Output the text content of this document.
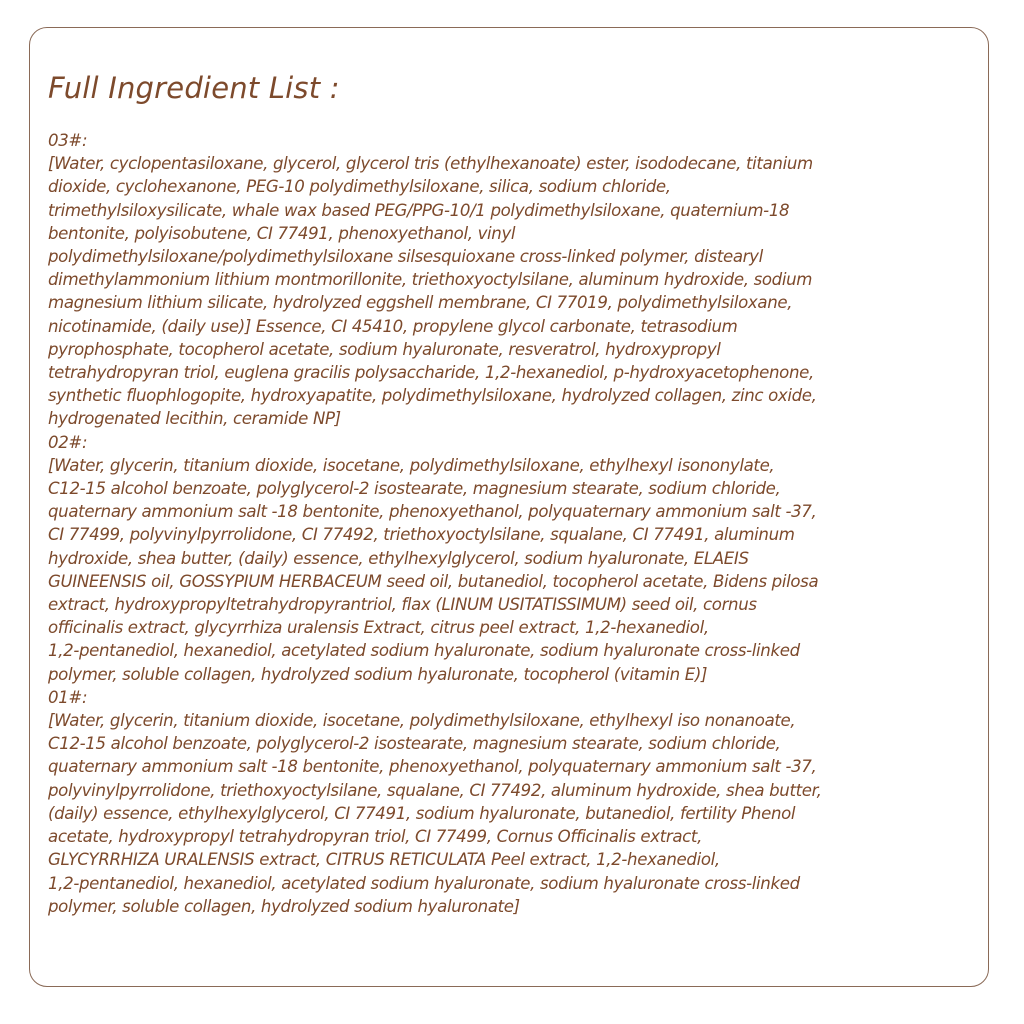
Full Ingredient List :
03#:
[Water, cyclopentasiloxane, glycerol, glycerol tris (ethylhexanoate) ester, isododecane, titanium
dioxide, cyclohexanone, PEG-10 polydimethylsiloxane, silica, sodium chloride,
trimethylsiloxysilicate, whale wax based PEG/PPG-10/1 polydimethylsiloxane, quaternium-18
bentonite, polyisobutene, CI 77491, phenoxyethanol, vinyl
polydimethylsiloxane/polydimethylsiloxane silsesquioxane cross-linked polymer, distearyl
dimethylammonium lithium montmorillonite, triethoxyoctylsilane, aluminum hydroxide, sodium
magnesium lithium silicate, hydrolyzed eggshell membrane, CI 77019, polydimethylsiloxane,
nicotinamide, (daily use)] Essence, CI 45410, propylene glycol carbonate, tetrasodium
pyrophosphate, tocopherol acetate, sodium hyaluronate, resveratrol, hydroxypropyl
tetrahydropyran triol, euglena gracilis polysaccharide, 1,2-hexanediol, p-hydroxyacetophenone,
synthetic fluophlogopite, hydroxyapatite, polydimethylsiloxane, hydrolyzed collagen, zinc oxide,
hydrogenated lecithin, ceramide NP]
02#:
[Water, glycerin, titanium dioxide, isocetane, polydimethylsiloxane, ethylhexyl isononylate,
C12-15 alcohol benzoate, polyglycerol-2 isostearate, magnesium stearate, sodium chloride,
quaternary ammonium salt -18 bentonite, phenoxyethanol, polyquaternary ammonium salt -37,
CI 77499, polyvinylpyrrolidone, CI 77492, triethoxyoctylsilane, squalane, CI 77491, aluminum
hydroxide, shea butter, (daily) essence, ethylhexylglycerol, sodium hyaluronate, ELAEIS
GUINEENSIS oil, GOSSYPIUM HERBACEUM seed oil, butanediol, tocopherol acetate, Bidens pilosa
extract, hydroxypropyltetrahydropyrantriol, flax (LINUM USITATISSIMUM) seed oil, cornus
officinalis extract, glycyrrhiza uralensis Extract, citrus peel extract, 1,2-hexanediol,
1,2-pentanediol, hexanediol, acetylated sodium hyaluronate, sodium hyaluronate cross-linked
polymer, soluble collagen, hydrolyzed sodium hyaluronate, tocopherol (vitamin E)]
01#:
[Water, glycerin, titanium dioxide, isocetane, polydimethylsiloxane, ethylhexyl iso nonanoate,
C12-15 alcohol benzoate, polyglycerol-2 isostearate, magnesium stearate, sodium chloride,
quaternary ammonium salt -18 bentonite, phenoxyethanol, polyquaternary ammonium salt -37,
polyvinylpyrrolidone, triethoxyoctylsilane, squalane, CI 77492, aluminum hydroxide, shea butter,
(daily) essence, ethylhexylglycerol, CI 77491, sodium hyaluronate, butanediol, fertility Phenol
acetate, hydroxypropyl tetrahydropyran triol, CI 77499, Cornus Officinalis extract,
GLYCYRRHIZA URALENSIS extract, CITRUS RETICULATA Peel extract, 1,2-hexanediol,
1,2-pentanediol, hexanediol, acetylated sodium hyaluronate, sodium hyaluronate cross-linked
polymer, soluble collagen, hydrolyzed sodium hyaluronate]
